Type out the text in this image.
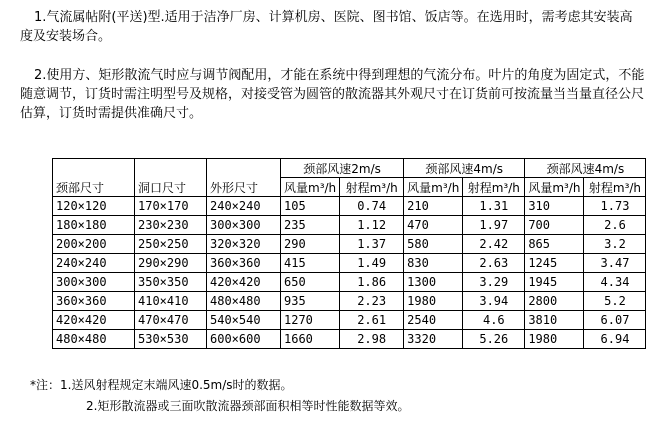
1.气流属帖附(平送)型.适用于洁净厂房、计算机房、医院、图书馆、饭店等。在选用时，需考虑其安装高度及安装场合。

2.使用方、矩形散流气时应与调节阀配用，才能在系统中得到理想的气流分布。叶片的角度为固定式，不能随意调节，订货时需注明型号及规格，对接受管为圆管的散流器其外观尺寸在订货前可按流量当当量直径公尺估算，订货时需提供准确尺寸。

颈部尺寸	洞口尺寸	外形尺寸	颈部风速2m/s		颈部风速4m/s		颈部风速4m/s	
			风量m³/h	射程m³/h	风量m³/h	射程m³/h	风量m³/h	射程m³/h
120×120	170×170	240×240	105	0.74	210	1.31	310	1.73
180×180	230×230	300×300	235	1.12	470	1.97	700	2.6
200×200	250×250	320×320	290	1.37	580	2.42	865	3.2
240×240	290×290	360×360	415	1.49	830	2.63	1245	3.47
300×300	350×350	420×420	650	1.86	1300	3.29	1945	4.34
360×360	410×410	480×480	935	2.23	1980	3.94	2800	5.2
420×420	470×470	540×540	1270	2.61	2540	4.6	3810	6.07
480×480	530×530	600×600	1660	2.98	3320	5.26	1980	6.94

*注：1.送风射程规定末端风速0.5m/s时的数据。

2.矩形散流器或三面吹散流器颈部面积相等时性能数据等效。
